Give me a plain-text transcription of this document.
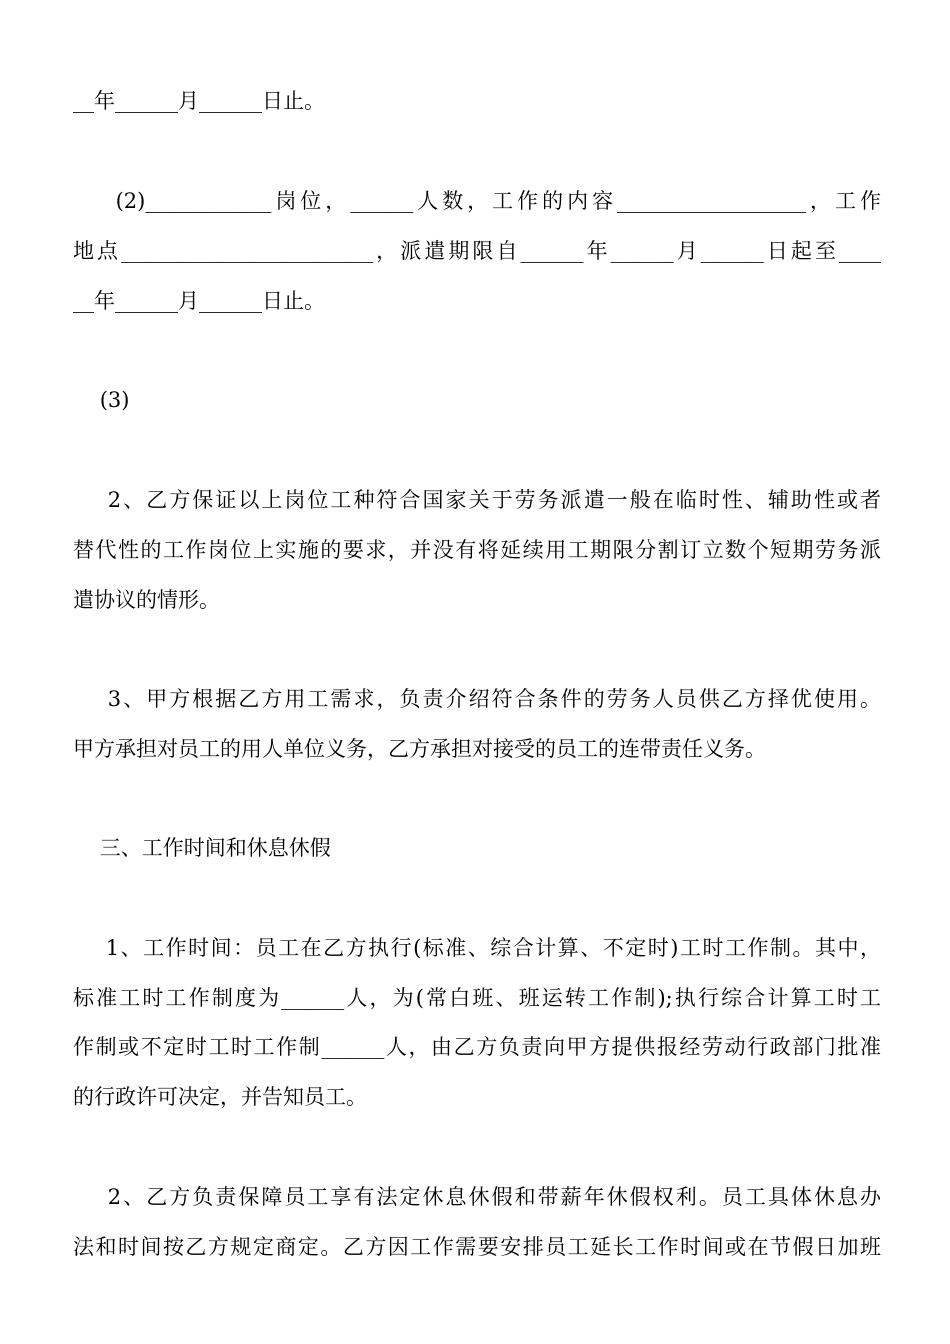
__年______月______日止。
(2)____________岗位，______人数，工作的内容__________________，工作
地点________________________，派遣期限自______年______月______日起至____
__年______月______日止。
(3)
2、乙方保证以上岗位工种符合国家关于劳务派遣一般在临时性、辅助性或者
替代性的工作岗位上实施的要求，并没有将延续用工期限分割订立数个短期劳务派
遣协议的情形。
3、甲方根据乙方用工需求，负责介绍符合条件的劳务人员供乙方择优使用。
甲方承担对员工的用人单位义务，乙方承担对接受的员工的连带责任义务。
三、工作时间和休息休假
1、工作时间：员工在乙方执行(标准、综合计算、不定时)工时工作制。其中，
标准工时工作制度为______人，为(常白班、班运转工作制);执行综合计算工时工
作制或不定时工时工作制______人，由乙方负责向甲方提供报经劳动行政部门批准
的行政许可决定，并告知员工。
2、乙方负责保障员工享有法定休息休假和带薪年休假权利。员工具体休息办
法和时间按乙方规定商定。乙方因工作需要安排员工延长工作时间或在节假日加班
